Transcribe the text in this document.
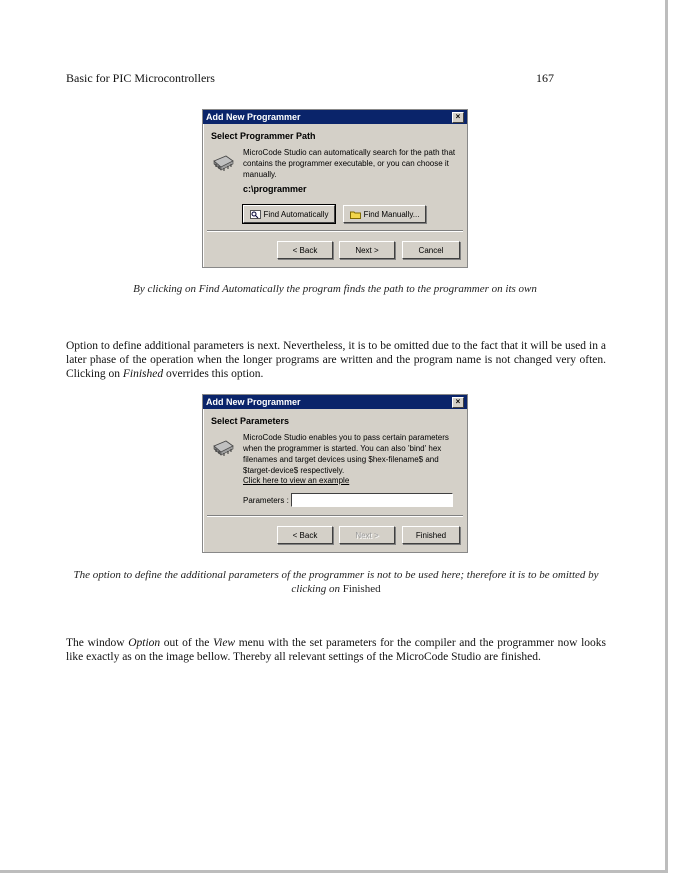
Basic for PIC Microcontrollers	167
Add New Programmer	×
Select Programmer Path
MicroCode Studio can automatically search for the path that contains the programmer executable, or you can choose it manually.
c:\programmer
Find Automatically	Find Manually...
< Back	Next >	Cancel
By clicking on Find Automatically the program finds the path to the programmer on its own
Option to define additional parameters is next. Nevertheless, it is to be omitted due to the fact that it will be used in a later phase of the operation when the longer programs are written and the program name is not changed very often. Clicking on Finished overrides this option.
Add New Programmer	×
Select Parameters
MicroCode Studio enables you to pass certain parameters when the programmer is started. You can also 'bind' hex filenames and target devices using $hex-filename$ and $target-device$ respectively.
Click here to view an example
Parameters :
< Back	Next >	Finished
The option to define the additional parameters of the programmer is not to be used here; therefore it is to be omitted by clicking on Finished
The window Option out of the View menu with the set parameters for the compiler and the programmer now looks like exactly as on the image bellow. Thereby all relevant settings of the MicroCode Studio are finished.
